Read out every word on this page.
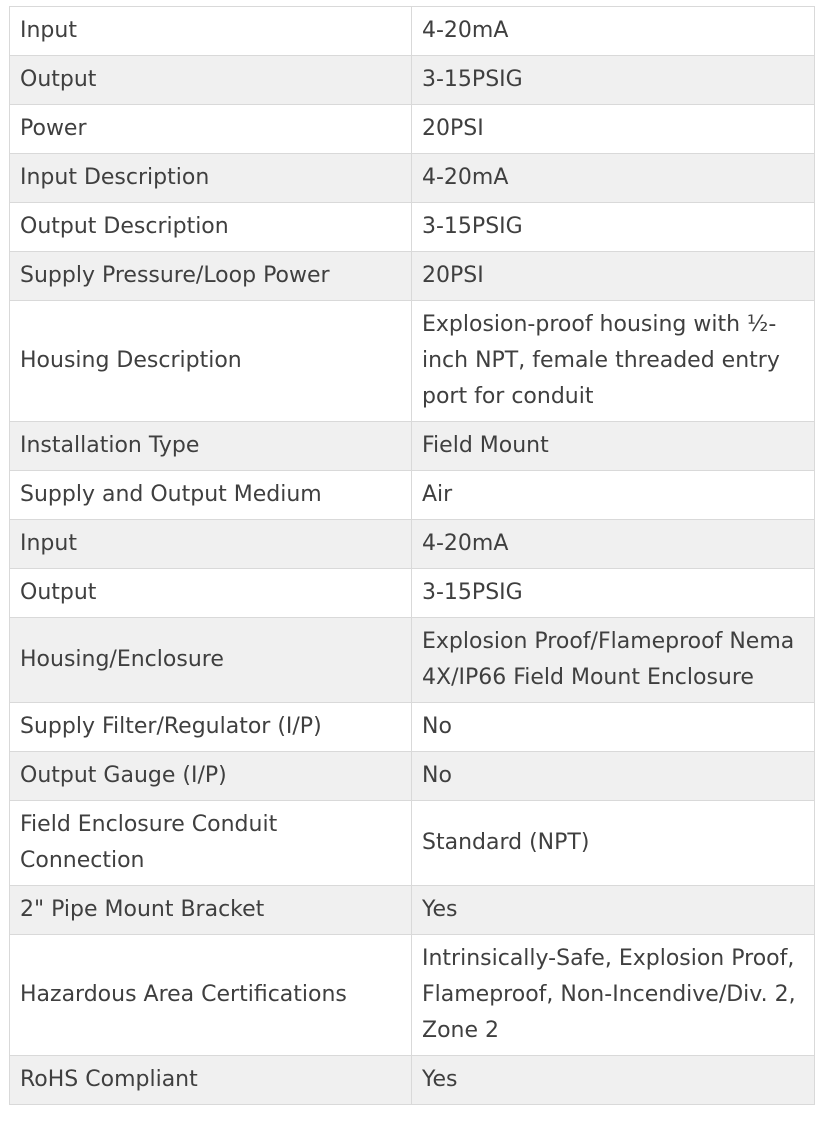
Input	4-20mA
Output	3-15PSIG
Power	20PSI
Input Description	4-20mA
Output Description	3-15PSIG
Supply Pressure/Loop Power	20PSI
Housing Description	Explosion-proof housing with ½-inch NPT, female threaded entry port for conduit
Installation Type	Field Mount
Supply and Output Medium	Air
Input	4-20mA
Output	3-15PSIG
Housing/Enclosure	Explosion Proof/Flameproof Nema 4X/IP66 Field Mount Enclosure
Supply Filter/Regulator (I/P)	No
Output Gauge (I/P)	No
Field Enclosure Conduit Connection	Standard (NPT)
2" Pipe Mount Bracket	Yes
Hazardous Area Certifications	Intrinsically-Safe, Explosion Proof, Flameproof, Non-Incendive/Div. 2, Zone 2
RoHS Compliant	Yes
